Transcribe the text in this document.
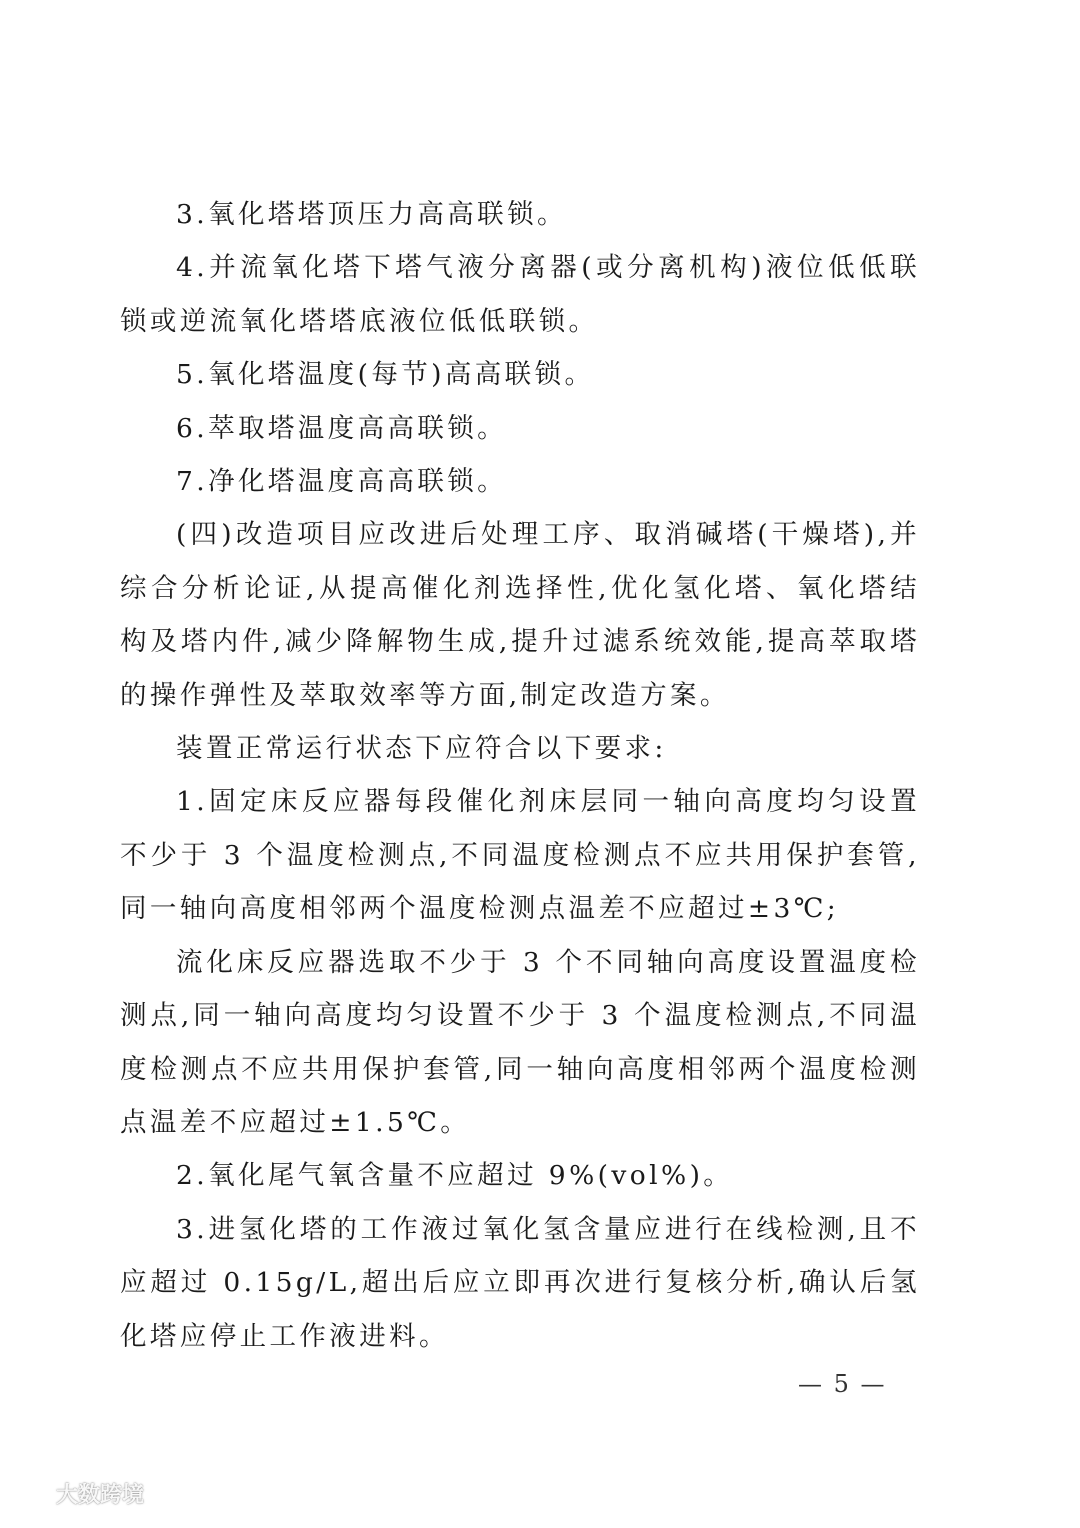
3.氧化塔塔顶压力高高联锁。

4.并流氧化塔下塔气液分离器(或分离机构)液位低低联锁或逆流氧化塔塔底液位低低联锁。

5.氧化塔温度(每节)高高联锁。

6.萃取塔温度高高联锁。

7.净化塔温度高高联锁。

(四)改造项目应改进后处理工序、取消碱塔(干燥塔),并综合分析论证,从提高催化剂选择性,优化氢化塔、氧化塔结构及塔内件,减少降解物生成,提升过滤系统效能,提高萃取塔的操作弹性及萃取效率等方面,制定改造方案。

装置正常运行状态下应符合以下要求:

1.固定床反应器每段催化剂床层同一轴向高度均匀设置不少于 3 个温度检测点,不同温度检测点不应共用保护套管,同一轴向高度相邻两个温度检测点温差不应超过±3℃;

流化床反应器选取不少于 3 个不同轴向高度设置温度检测点,同一轴向高度均匀设置不少于 3 个温度检测点,不同温度检测点不应共用保护套管,同一轴向高度相邻两个温度检测点温差不应超过±1.5℃。

2.氧化尾气氧含量不应超过 9%(vol%)。

3.进氢化塔的工作液过氧化氢含量应进行在线检测,且不应超过 0.15g/L,超出后应立即再次进行复核分析,确认后氢化塔应停止工作液进料。

— 5 —
大数跨境
